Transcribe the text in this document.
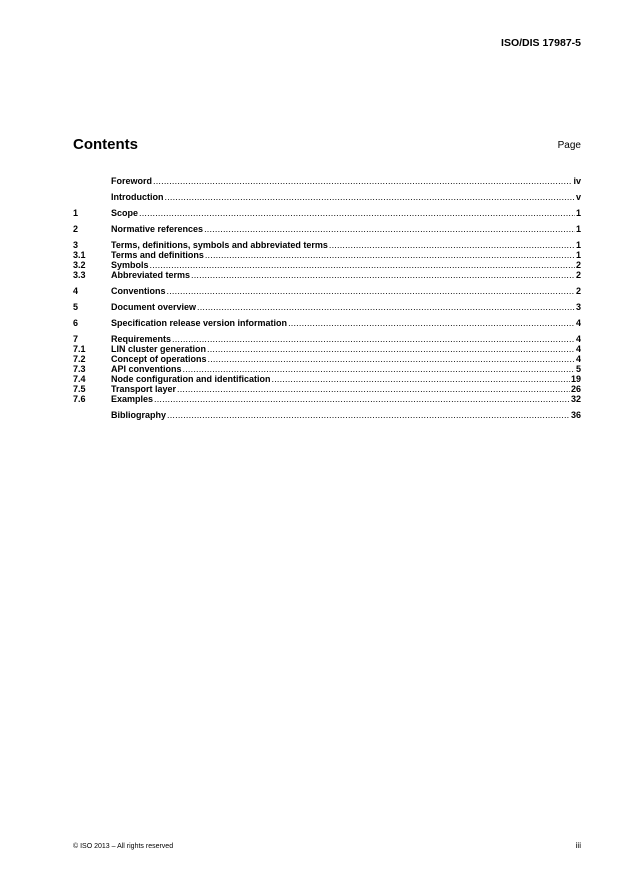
ISO/DIS 17987-5
Contents	Page
Foreword .....	iv
Introduction .....	v
1	Scope .....	1
2	Normative references .....	1
3	Terms, definitions, symbols and abbreviated terms .....	1
3.1	Terms and definitions .....	1
3.2	Symbols .....	2
3.3	Abbreviated terms .....	2
4	Conventions .....	2
5	Document overview .....	3
6	Specification release version information .....	4
7	Requirements .....	4
7.1	LIN cluster generation .....	4
7.2	Concept of operations .....	4
7.3	API conventions .....	5
7.4	Node configuration and identification .....	19
7.5	Transport layer .....	26
7.6	Examples .....	32
Bibliography .....	36
© ISO 2013 – All rights reserved	iii
